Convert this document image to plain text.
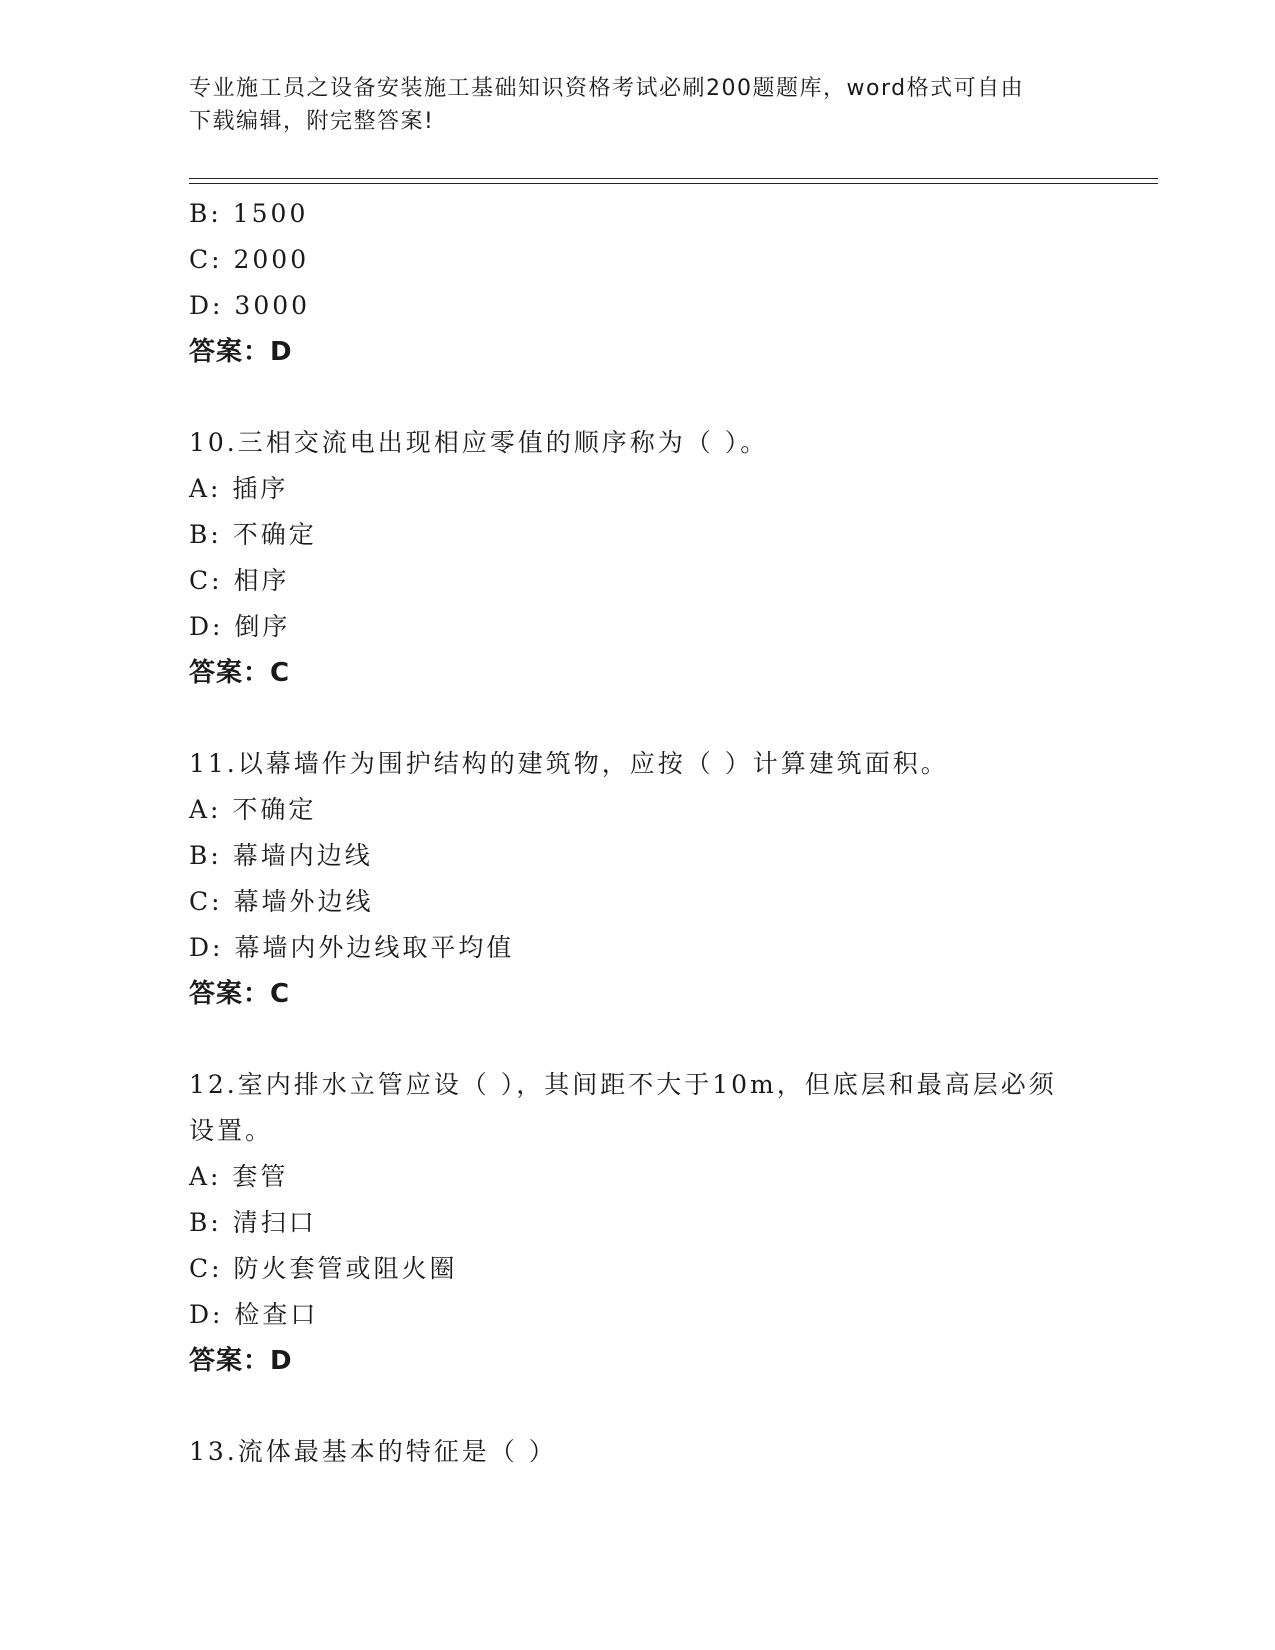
专业施工员之设备安装施工基础知识资格考试必刷200题题库，word格式可自由
下载编辑，附完整答案!
B: 1500
C: 2000
D: 3000
答案：D
10.三相交流电出现相应零值的顺序称为（ ）。
A: 插序
B: 不确定
C: 相序
D: 倒序
答案：C
11.以幕墙作为围护结构的建筑物，应按（ ）计算建筑面积。
A: 不确定
B: 幕墙内边线
C: 幕墙外边线
D: 幕墙内外边线取平均值
答案：C
12.室内排水立管应设（ ），其间距不大于10m，但底层和最高层必须
设置。
A: 套管
B: 清扫口
C: 防火套管或阻火圈
D: 检查口
答案：D
13.流体最基本的特征是（ ）
